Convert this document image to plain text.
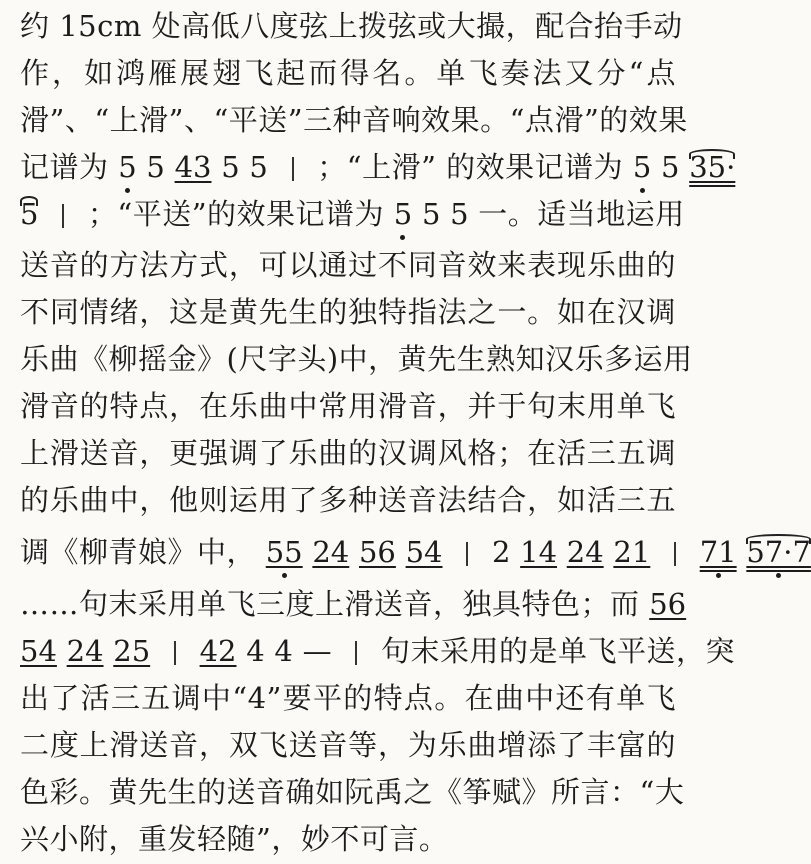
约 15cm 处高低八度弦上拨弦或大撮，配合抬手动
作，如鸿雁展翅飞起而得名。单飞奏法又分“点
滑”、“上滑”、“平送”三种音响效果。“点滑”的效果
记谱为 5 5 43 5 5 ；“上滑” 的效果记谱为 5 5 35·
5 ；“平送”的效果记谱为 5 5 5 一。适当地运用
送音的方法方式，可以通过不同音效来表现乐曲的
不同情绪，这是黄先生的独特指法之一。如在汉调
乐曲《柳摇金》(尺字头)中，黄先生熟知汉乐多运用
滑音的特点，在乐曲中常用滑音，并于句末用单飞
上滑送音，更强调了乐曲的汉调风格；在活三五调
的乐曲中，他则运用了多种送音法结合，如活三五
调《柳青娘》中， 55 24 56 54 2 14 24 21 71 57·7
……句末采用单飞三度上滑送音，独具特色；而 56
54 24 25 42 4 4 — 句末采用的是单飞平送，突
出了活三五调中“4”要平的特点。在曲中还有单飞
二度上滑送音，双飞送音等，为乐曲增添了丰富的
色彩。黄先生的送音确如阮禹之《筝赋》所言：“大
兴小附，重发轻随”，妙不可言。
